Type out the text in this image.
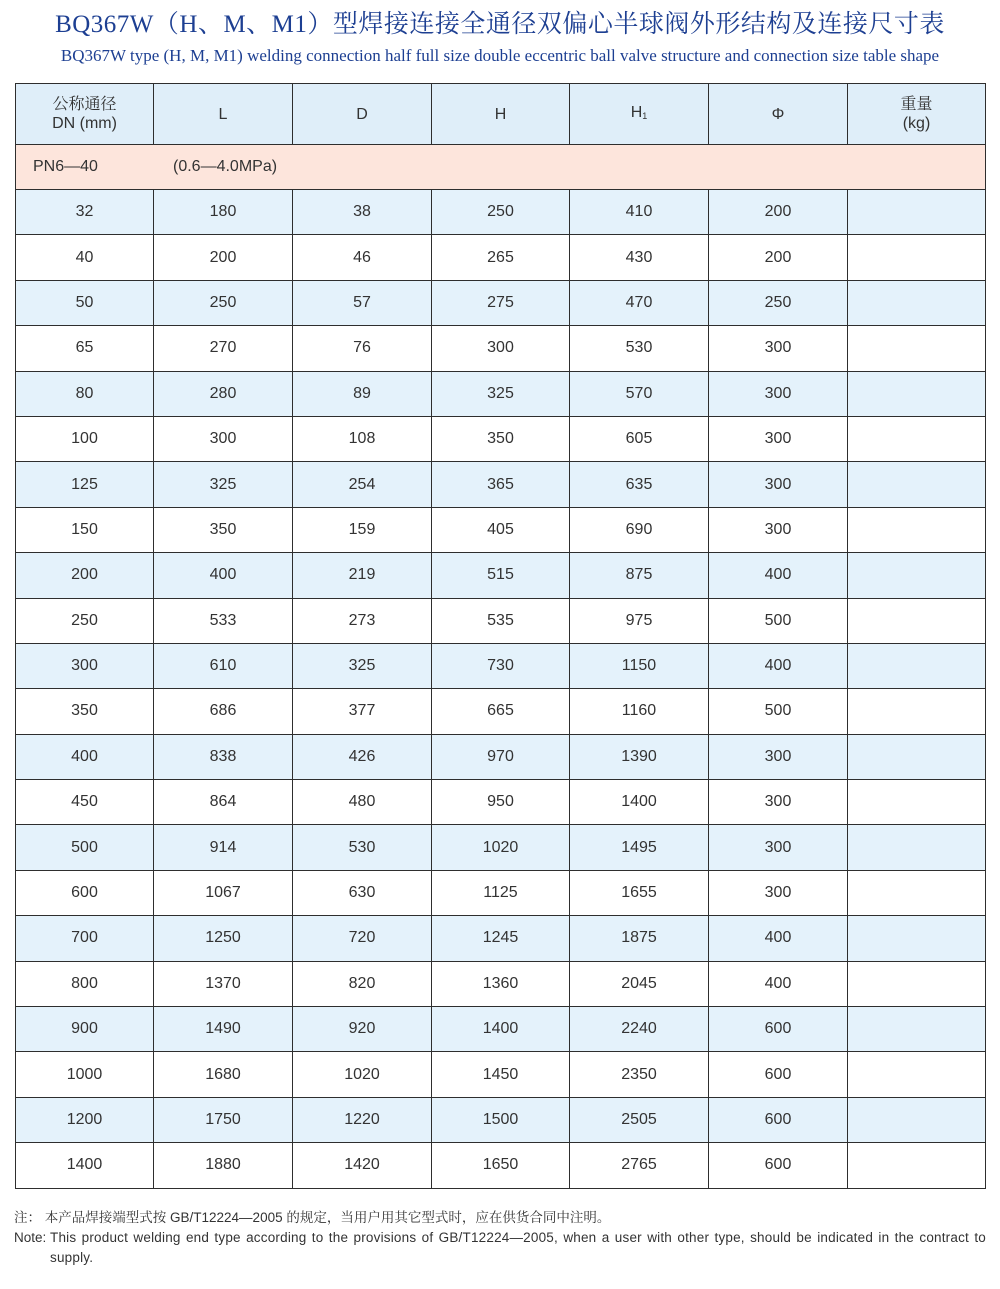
BQ367W（H、M、M1）型焊接连接全通径双偏心半球阀外形结构及连接尺寸表
BQ367W type (H, M, M1) welding connection half full size double eccentric ball valve structure and connection size table shape
公称通径
DN (mm)	L	D	H	$H_1$	Φ	重量
(kg)
PN6—40 (0.6—4.0MPa)						
32	180	38	250	410	200	
40	200	46	265	430	200	
50	250	57	275	470	250	
65	270	76	300	530	300	
80	280	89	325	570	300	
100	300	108	350	605	300	
125	325	254	365	635	300	
150	350	159	405	690	300	
200	400	219	515	875	400	
250	533	273	535	975	500	
300	610	325	730	1150	400	
350	686	377	665	1160	500	
400	838	426	970	1390	300	
450	864	480	950	1400	300	
500	914	530	1020	1495	300	
600	1067	630	1125	1655	300	
700	1250	720	1245	1875	400	
800	1370	820	1360	2045	400	
900	1490	920	1400	2240	600	
1000	1680	1020	1450	2350	600	
1200	1750	1220	1500	2505	600	
1400	1880	1420	1650	2765	600	
注： 本产品焊接端型式按 GB/T12224—2005 的规定，当用户用其它型式时，应在供货合同中注明。
Note: This product welding end type according to the provisions of GB/T12224—2005, when a user with other type, should be indicated in the contract to supply.
